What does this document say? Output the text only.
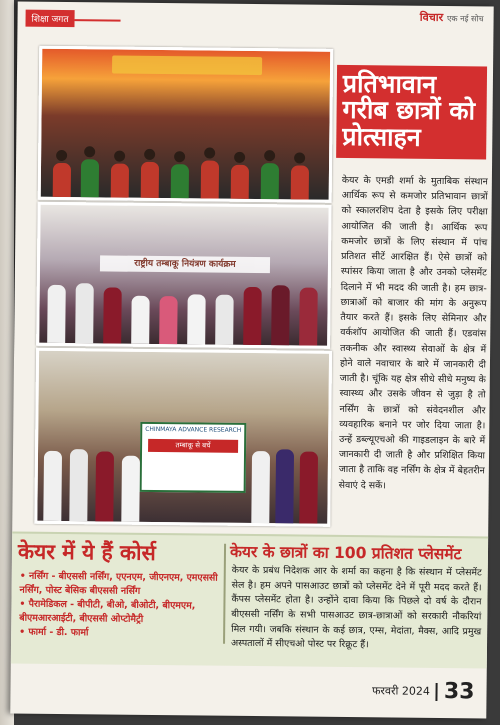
शिक्षा जगत	विचार एक नई सोच
राष्ट्रीय तम्बाकू नियंत्रण कार्यक्रम
CHINMAYA ADVANCE RESEARCH
तम्बाकू से बचें
प्रतिभावान गरीब छात्रों को प्रोत्साहन
केयर के एमडी शर्मा के मुताबिक संस्थान आर्थिक रूप से कमजोर प्रतिभावान छात्रों को स्कालरशिप देता है इसके लिए परीक्षा आयोजित की जाती है। आर्थिक रूप कमजोर छात्रों के लिए संस्थान में पांच प्रतिशत सीटें आरक्षित हैं। ऐसे छात्रों को स्पांसर किया जाता है और उनको प्लेसमेंट दिलाने में भी मदद की जाती है। हम छात्र-छात्राओं को बाजार की मांग के अनुरूप तैयार करते हैं। इसके लिए सेमिनार और वर्कशॉप आयोजित की जाती हैं। एडवांस तकनीक और स्वास्थ्य सेवाओं के क्षेत्र में होने वाले नवाचार के बारे में जानकारी दी जाती है। चूंकि यह क्षेत्र सीधे सीधे मनुष्य के स्वास्थ्य और उसके जीवन से जुड़ा है तो नर्सिंग के छात्रों को संवेदनशील और व्यवहारिक बनाने पर जोर दिया जाता है। उन्हें डब्ल्यूएचओ की गाइडलाइन के बारे में जानकारी दी जाती है और प्रशिक्षित किया जाता है ताकि वह नर्सिंग के क्षेत्र में बेहतरीन सेवाएं दे सकें।
केयर में ये हैं कोर्स
• नर्सिंग - बीएससी नर्सिंग, एएनएम, जीएनएम, एमएससी नर्सिंग, पोस्ट बेसिक बीएससी नर्सिंग
• पैरामेडिकल - बीपीटी, बीओ, बीओटी, बीएमएम, बीएमआरआईटी, बीएससी ओप्टोमैट्री
• फार्मा - डी. फार्मा
केयर के छात्रों का 100 प्रतिशत प्लेसमेंट
केयर के प्रबंध निदेशक आर के शर्मा का कहना है कि संस्थान में प्लेसमेंट सेल है। हम अपने पासआउट छात्रों को प्लेसमेंट देने में पूरी मदद करते हैं। कैंपस प्लेसमेंट होता है। उन्होंने दावा किया कि पिछले दो वर्ष के दौरान बीएससी नर्सिंग के सभी पासआउट छात्र-छात्राओं को सरकारी नौकरियां मिल गयी। जबकि संस्थान के कई छात्र, एम्स, मेदांता, मैक्स, आदि प्रमुख अस्पतालों में सीएचओ पोस्ट पर रिक्रूट हैं।
फरवरी 2024 33
